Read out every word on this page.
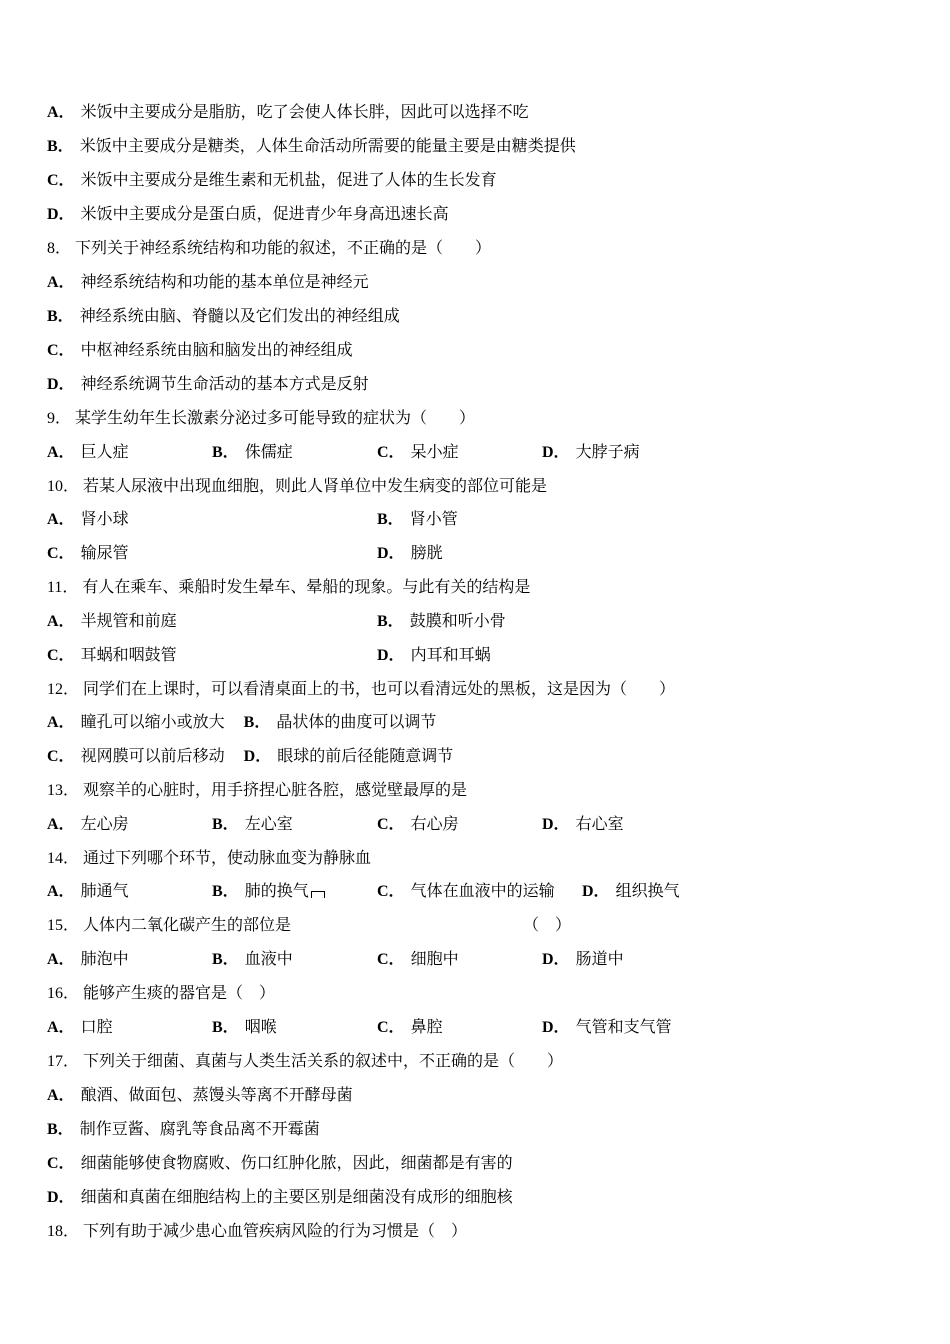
A． 米饭中主要成分是脂肪，吃了会使人体长胖，因此可以选择不吃
B． 米饭中主要成分是糖类，人体生命活动所需要的能量主要是由糖类提供
C． 米饭中主要成分是维生素和无机盐，促进了人体的生长发育
D． 米饭中主要成分是蛋白质，促进青少年身高迅速长高
8． 下列关于神经系统结构和功能的叙述，不正确的是（　　）
A． 神经系统结构和功能的基本单位是神经元
B． 神经系统由脑、脊髓以及它们发出的神经组成
C． 中枢神经系统由脑和脑发出的神经组成
D． 神经系统调节生命活动的基本方式是反射
9． 某学生幼年生长激素分泌过多可能导致的症状为（　　）
A． 巨人症	B． 侏儒症	C． 呆小症	D． 大脖子病
10． 若某人尿液中出现血细胞，则此人肾单位中发生病变的部位可能是
A． 肾小球	B． 肾小管
C． 输尿管	D． 膀胱
11． 有人在乘车、乘船时发生晕车、晕船的现象。与此有关的结构是
A． 半规管和前庭	B． 鼓膜和听小骨
C． 耳蜗和咽鼓管	D． 内耳和耳蜗
12． 同学们在上课时，可以看清桌面上的书，也可以看清远处的黑板，这是因为（　　）
A． 瞳孔可以缩小或放大 B． 晶状体的曲度可以调节
C． 视网膜可以前后移动 D． 眼球的前后径能随意调节
13． 观察羊的心脏时，用手挤捏心脏各腔，感觉壁最厚的是
A． 左心房	B． 左心室	C． 右心房	D． 右心室
14． 通过下列哪个环节，使动脉血变为静脉血
A． 肺通气	B． 肺的换气	C． 气体在血液中的运输 D． 组织换气
15． 人体内二氧化碳产生的部位是	（　）
A． 肺泡中	B． 血液中	C． 细胞中	D． 肠道中
16． 能够产生痰的器官是（　）
A． 口腔	B． 咽喉	C． 鼻腔	D． 气管和支气管
17． 下列关于细菌、真菌与人类生活关系的叙述中，不正确的是（　　）
A． 酿酒、做面包、蒸馒头等离不开酵母菌
B． 制作豆酱、腐乳等食品离不开霉菌
C． 细菌能够使食物腐败、伤口红肿化脓，因此，细菌都是有害的
D． 细菌和真菌在细胞结构上的主要区别是细菌没有成形的细胞核
18． 下列有助于减少患心血管疾病风险的行为习惯是（　）
